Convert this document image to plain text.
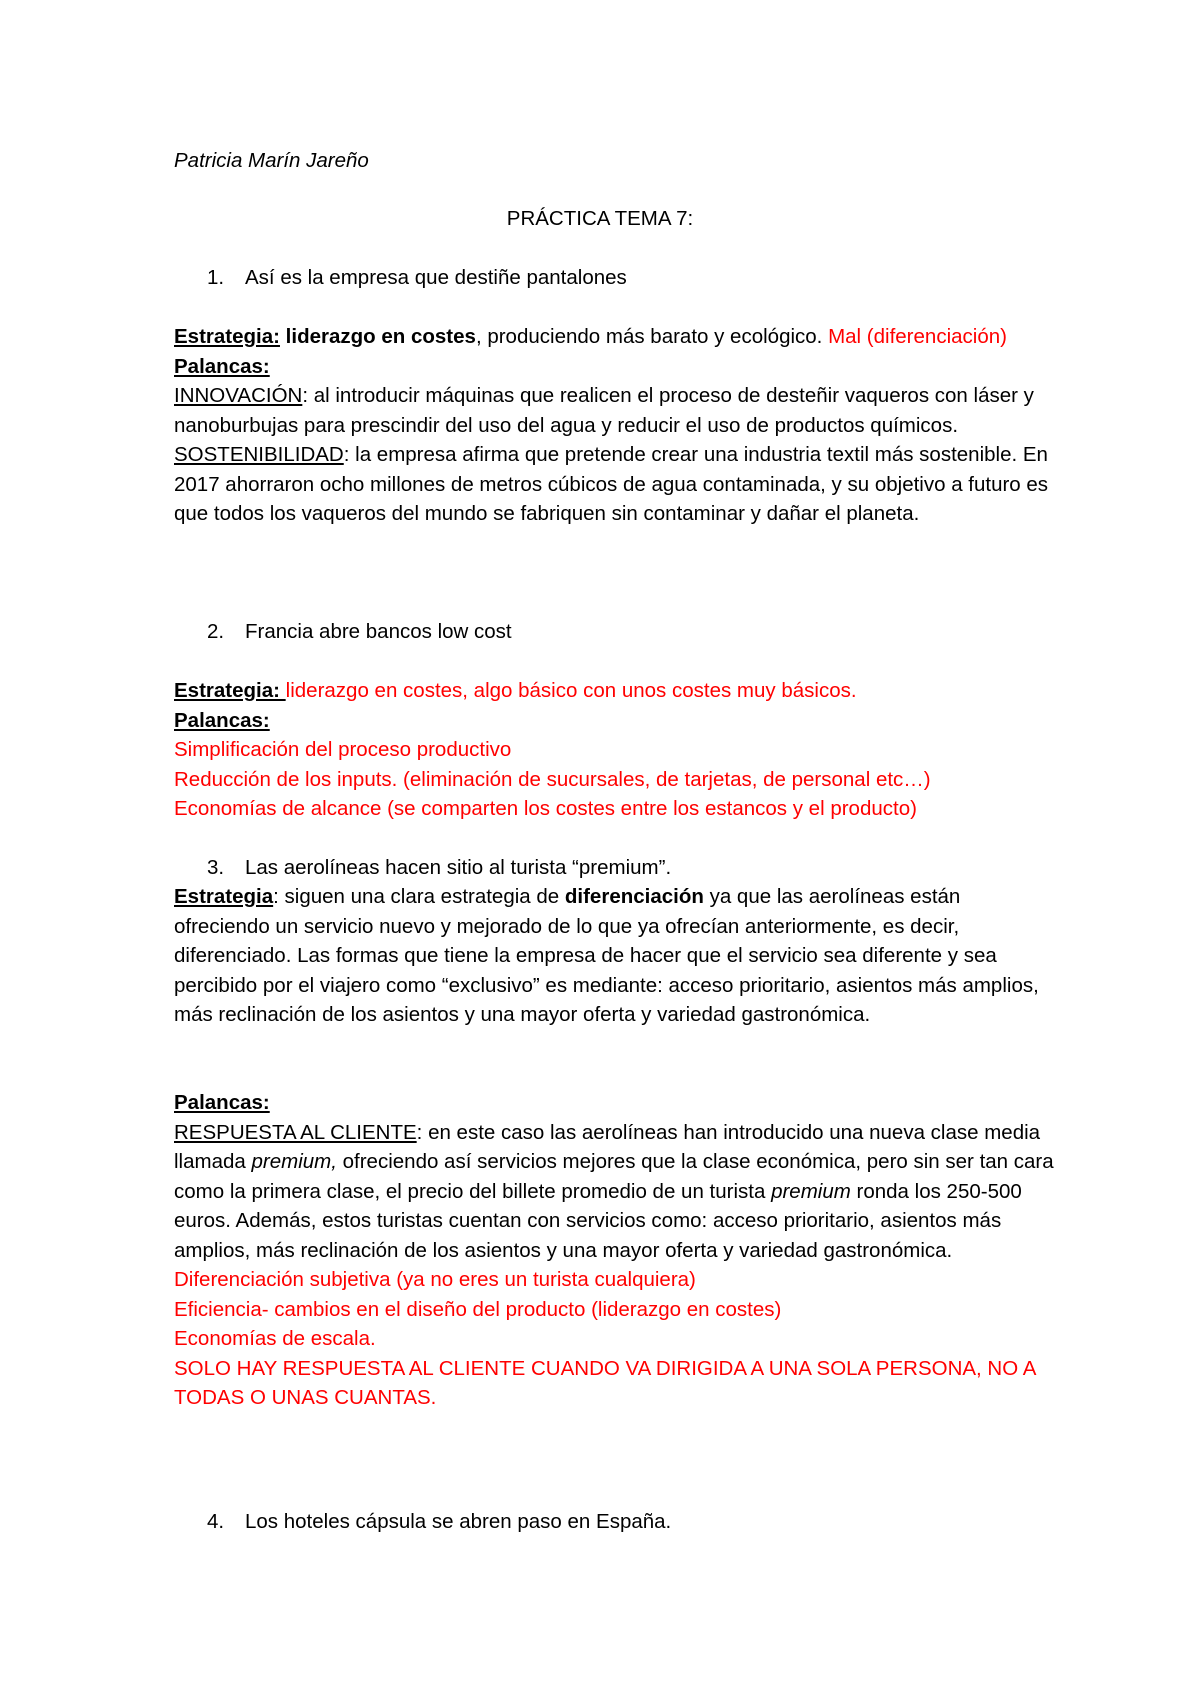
Patricia Marín Jareño
PRÁCTICA TEMA 7:
1. Así es la empresa que destiñe pantalones

Estrategia: liderazgo en costes, produciendo más barato y ecológico. Mal (diferenciación)

Palancas:

INNOVACIÓN: al introducir máquinas que realicen el proceso de desteñir vaqueros con láser y nanoburbujas para prescindir del uso del agua y reducir el uso de productos químicos.

SOSTENIBILIDAD: la empresa afirma que pretende crear una industria textil más sostenible. En 2017 ahorraron ocho millones de metros cúbicos de agua contaminada, y su objetivo a futuro es que todos los vaqueros del mundo se fabriquen sin contaminar y dañar el planeta.

2. Francia abre bancos low cost

Estrategia: liderazgo en costes, algo básico con unos costes muy básicos.

Palancas:

Simplificación del proceso productivo

Reducción de los inputs. (eliminación de sucursales, de tarjetas, de personal etc…)

Economías de alcance (se comparten los costes entre los estancos y el producto)

3. Las aerolíneas hacen sitio al turista “premium”.

Estrategia: siguen una clara estrategia de diferenciación ya que las aerolíneas están ofreciendo un servicio nuevo y mejorado de lo que ya ofrecían anteriormente, es decir, diferenciado. Las formas que tiene la empresa de hacer que el servicio sea diferente y sea percibido por el viajero como “exclusivo” es mediante: acceso prioritario, asientos más amplios, más reclinación de los asientos y una mayor oferta y variedad gastronómica.

Palancas:

RESPUESTA AL CLIENTE: en este caso las aerolíneas han introducido una nueva clase media llamada premium, ofreciendo así servicios mejores que la clase económica, pero sin ser tan cara como la primera clase, el precio del billete promedio de un turista premium ronda los 250-500 euros. Además, estos turistas cuentan con servicios como: acceso prioritario, asientos más amplios, más reclinación de los asientos y una mayor oferta y variedad gastronómica.

Diferenciación subjetiva (ya no eres un turista cualquiera)

Eficiencia- cambios en el diseño del producto (liderazgo en costes)

Economías de escala.

SOLO HAY RESPUESTA AL CLIENTE CUANDO VA DIRIGIDA A UNA SOLA PERSONA, NO A TODAS O UNAS CUANTAS.

4. Los hoteles cápsula se abren paso en España.
